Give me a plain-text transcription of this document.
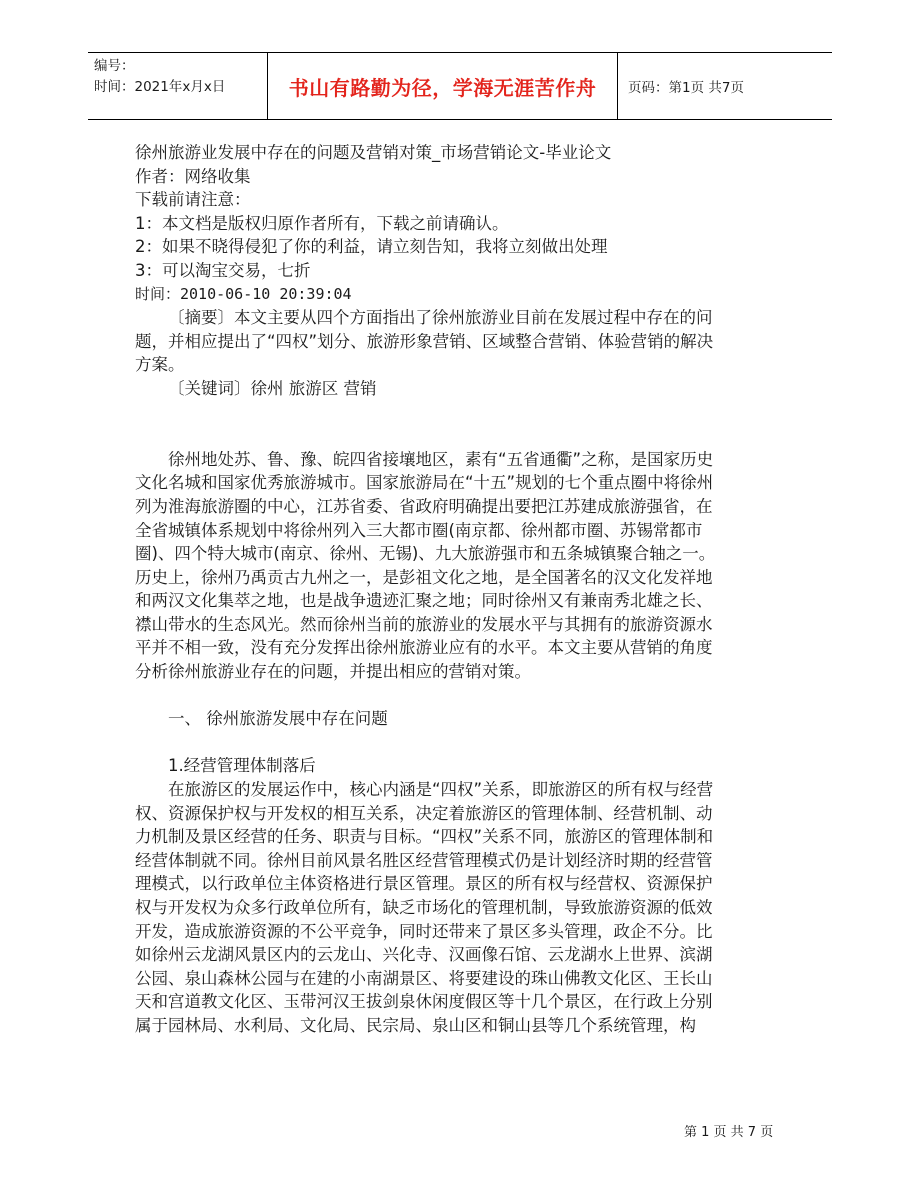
编号：
时间：2021年x月x日	书山有路勤为径，学海无涯苦作舟 页码：第1页 共7页

徐州旅游业发展中存在的问题及营销对策_市场营销论文-毕业论文

作者：网络收集

下载前请注意：

1：本文档是版权归原作者所有，下载之前请确认。

2：如果不晓得侵犯了你的利益，请立刻告知，我将立刻做出处理

3：可以淘宝交易，七折

时间：2010-06-10 20:39:04

〔摘要〕本文主要从四个方面指出了徐州旅游业目前在发展过程中存在的问题，并相应提出了“四权”划分、旅游形象营销、区域整合营销、体验营销的解决方案。

〔关键词〕徐州 旅游区 营销

徐州地处苏、鲁、豫、皖四省接壤地区，素有“五省通衢”之称，是国家历史文化名城和国家优秀旅游城市。国家旅游局在“十五”规划的七个重点圈中将徐州列为淮海旅游圈的中心，江苏省委、省政府明确提出要把江苏建成旅游强省，在全省城镇体系规划中将徐州列入三大都市圈(南京都、徐州都市圈、苏锡常都市圈)、四个特大城市(南京、徐州、无锡)、九大旅游强市和五条城镇聚合轴之一。历史上，徐州乃禹贡古九州之一，是彭祖文化之地，是全国著名的汉文化发祥地和两汉文化集萃之地，也是战争遗迹汇聚之地；同时徐州又有兼南秀北雄之长、襟山带水的生态风光。然而徐州当前的旅游业的发展水平与其拥有的旅游资源水平并不相一致，没有充分发挥出徐州旅游业应有的水平。本文主要从营销的角度分析徐州旅游业存在的问题，并提出相应的营销对策。

一、 徐州旅游发展中存在问题

1.经营管理体制落后

在旅游区的发展运作中，核心内涵是“四权”关系，即旅游区的所有权与经营权、资源保护权与开发权的相互关系，决定着旅游区的管理体制、经营机制、动力机制及景区经营的任务、职责与目标。“四权”关系不同，旅游区的管理体制和经营体制就不同。徐州目前风景名胜区经营管理模式仍是计划经济时期的经营管理模式，以行政单位主体资格进行景区管理。景区的所有权与经营权、资源保护权与开发权为众多行政单位所有，缺乏市场化的管理机制，导致旅游资源的低效开发，造成旅游资源的不公平竞争，同时还带来了景区多头管理，政企不分。比如徐州云龙湖风景区内的云龙山、兴化寺、汉画像石馆、云龙湖水上世界、滨湖公园、泉山森林公园与在建的小南湖景区、将要建设的珠山佛教文化区、王长山天和宫道教文化区、玉带河汉王拔剑泉休闲度假区等十几个景区，在行政上分别属于园林局、水利局、文化局、民宗局、泉山区和铜山县等几个系统管理，构

第 1 页 共 7 页
